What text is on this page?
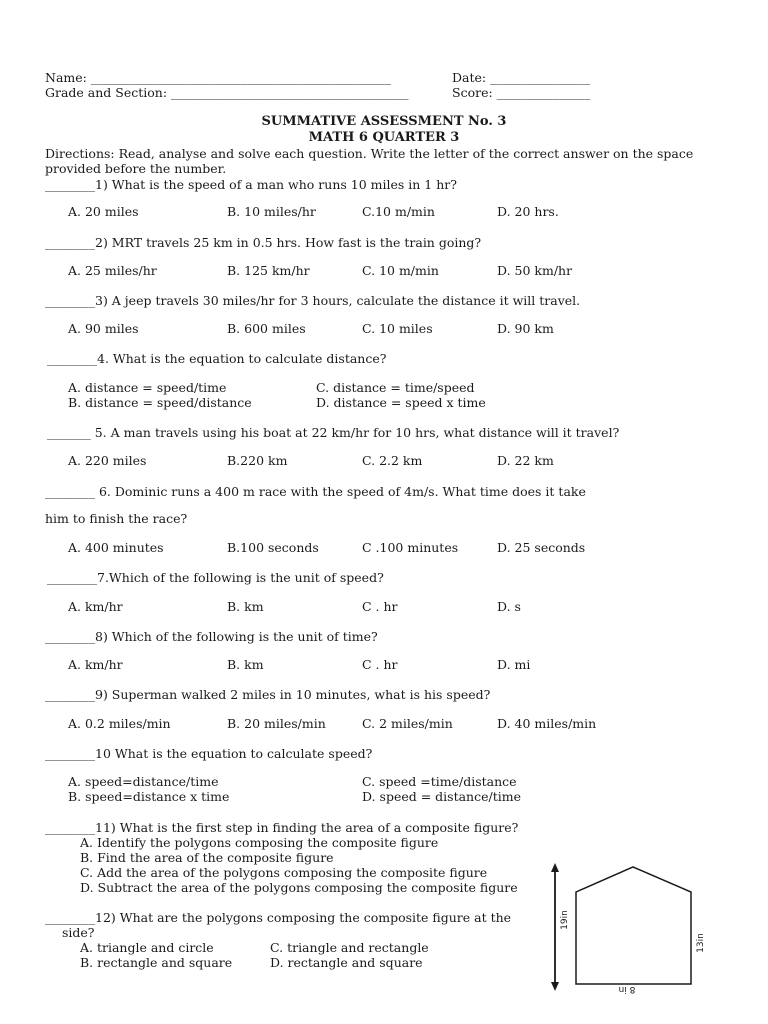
Name: ________________________________________________	Date: ________________
Grade and Section: ______________________________________	Score: _______________
SUMMATIVE ASSESSMENT No. 3
MATH 6 QUARTER 3
Directions: Read, analyse and solve each question. Write the letter of the correct answer on the space provided before the number.
________1) What is the speed of a man who runs 10 miles in 1 hr?
A. 20 miles	B. 10 miles/hr	C.10 m/min	D. 20 hrs.
________2) MRT travels 25 km in 0.5 hrs. How fast is the train going?
A. 25 miles/hr	B. 125 km/hr	C. 10 m/min	D. 50 km/hr
________3) A jeep travels 30 miles/hr for 3 hours, calculate the distance it will travel.
A. 90 miles	B. 600 miles	C. 10 miles	D. 90 km
________4. What is the equation to calculate distance?
A. distance = speed/time	C. distance = time/speed
B. distance = speed/distance	D. distance = speed x time
_______ 5. A man travels using his boat at 22 km/hr for 10 hrs, what distance will it travel?
A. 220 miles	B.220 km	C. 2.2 km	D. 22 km
________ 6. Dominic runs a 400 m race with the speed of 4m/s. What time does it take
him to finish the race?
A. 400 minutes	B.100 seconds	C .100 minutes	D. 25 seconds
________7.Which of the following is the unit of speed?
A. km/hr	B. km	C . hr	D. s
________8) Which of the following is the unit of time?
A. km/hr	B. km	C . hr	D. mi
________9) Superman walked 2 miles in 10 minutes, what is his speed?
A. 0.2 miles/min	B. 20 miles/min	C. 2 miles/min	D. 40 miles/min
________10 What is the equation to calculate speed?
A. speed=distance/time	C. speed =time/distance
B. speed=distance x time	D. speed = distance/time
________11) What is the first step in finding the area of a composite figure?
A. Identify the polygons composing the composite figure
B. Find the area of the composite figure
C. Add the area of the polygons composing the composite figure
D. Subtract the area of the polygons composing the composite figure
________12) What are the polygons composing the composite figure at the
side?
A. triangle and circle	C. triangle and rectangle
B. rectangle and square	D. rectangle and square
19in
13in
8 in
